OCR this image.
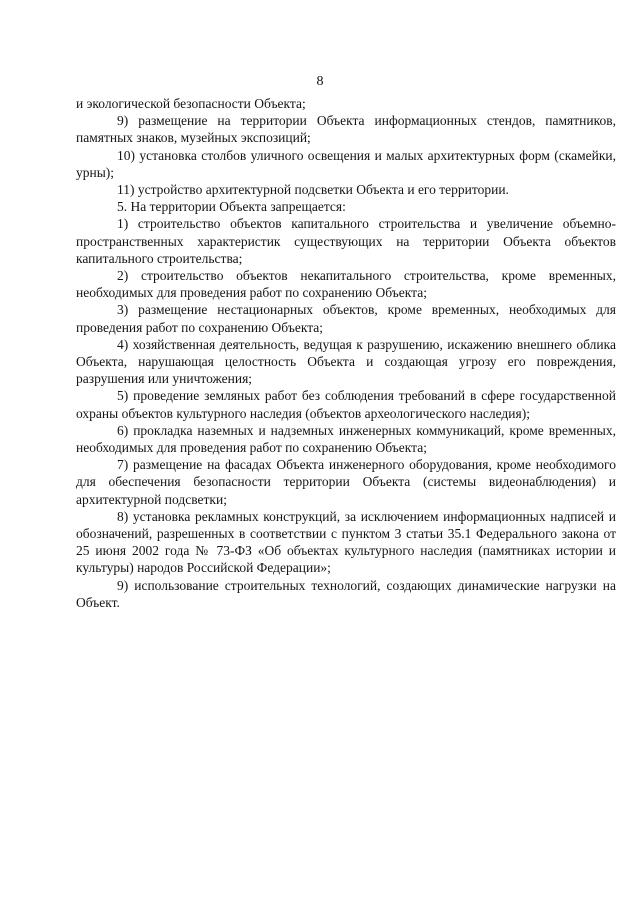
8

и экологической безопасности Объекта;

9) размещение на территории Объекта информационных стендов, памятников, памятных знаков, музейных экспозиций;

10) установка столбов уличного освещения и малых архитектурных форм (скамейки, урны);

11) устройство архитектурной подсветки Объекта и его территории.

5. На территории Объекта запрещается:

1) строительство объектов капитального строительства и увеличение объемно-пространственных характеристик существующих на территории Объекта объектов капитального строительства;

2) строительство объектов некапитального строительства, кроме временных, необходимых для проведения работ по сохранению Объекта;

3) размещение нестационарных объектов, кроме временных, необходимых для проведения работ по сохранению Объекта;

4) хозяйственная деятельность, ведущая к разрушению, искажению внешнего облика Объекта, нарушающая целостность Объекта и создающая угрозу его повреждения, разрушения или уничтожения;

5) проведение земляных работ без соблюдения требований в сфере государственной охраны объектов культурного наследия (объектов археологического наследия);

6) прокладка наземных и надземных инженерных коммуникаций, кроме временных, необходимых для проведения работ по сохранению Объекта;

7) размещение на фасадах Объекта инженерного оборудования, кроме необходимого для обеспечения безопасности территории Объекта (системы видеонаблюдения) и архитектурной подсветки;

8) установка рекламных конструкций, за исключением информационных надписей и обозначений, разрешенных в соответствии с пунктом 3 статьи 35.1 Федерального закона от 25 июня 2002 года № 73-ФЗ «Об объектах культурного наследия (памятниках истории и культуры) народов Российской Федерации»;

9) использование строительных технологий, создающих динамические нагрузки на Объект.
